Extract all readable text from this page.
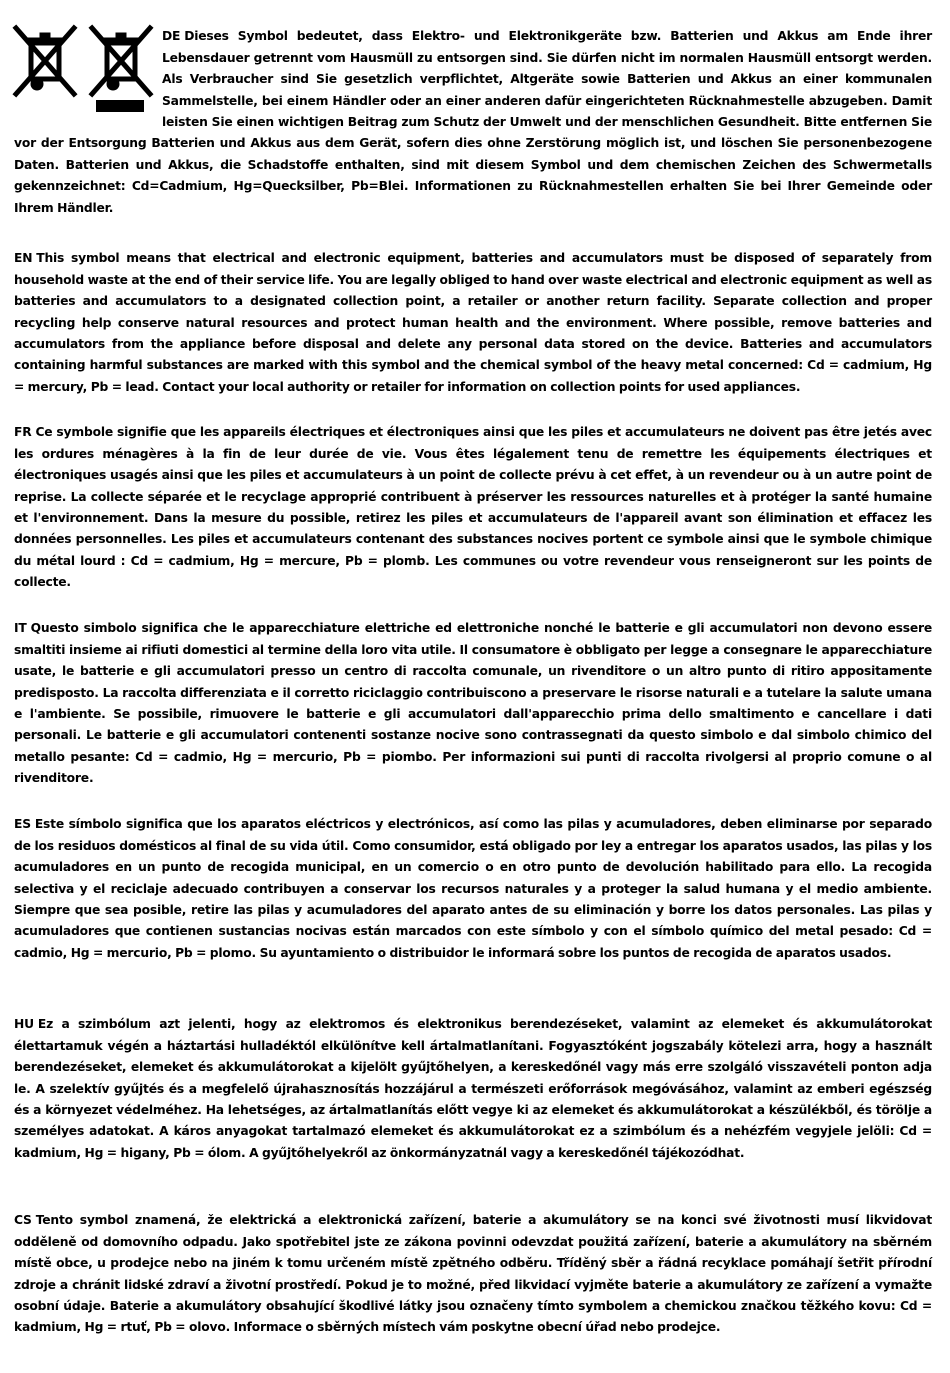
DE Dieses Symbol bedeutet, dass Elektro- und Elektronikgeräte bzw. Batterien und Akkus am Ende ihrer Lebensdauer getrennt vom Hausmüll zu entsorgen sind. Sie dürfen nicht im normalen Hausmüll entsorgt werden. Als Verbraucher sind Sie gesetzlich verpflichtet, Altgeräte sowie Batterien und Akkus an einer kommunalen Sammelstelle, bei einem Händler oder an einer anderen dafür eingerichteten Rücknahmestelle abzugeben. Damit leisten Sie einen wichtigen Beitrag zum Schutz der Umwelt und der menschlichen Gesundheit. Bitte entfernen Sie vor der Entsorgung Batterien und Akkus aus dem Gerät, sofern dies ohne Zerstörung möglich ist, und löschen Sie personenbezogene Daten. Batterien und Akkus, die Schadstoffe enthalten, sind mit diesem Symbol und dem chemischen Zeichen des Schwermetalls gekennzeichnet: Cd=Cadmium, Hg=Quecksilber, Pb=Blei. Informationen zu Rücknahmestellen erhalten Sie bei Ihrer Gemeinde oder Ihrem Händler.

EN This symbol means that electrical and electronic equipment, batteries and accumulators must be disposed of separately from household waste at the end of their service life. You are legally obliged to hand over waste electrical and electronic equipment as well as batteries and accumulators to a designated collection point, a retailer or another return facility. Separate collection and proper recycling help conserve natural resources and protect human health and the environment. Where possible, remove batteries and accumulators from the appliance before disposal and delete any personal data stored on the device. Batteries and accumulators containing harmful substances are marked with this symbol and the chemical symbol of the heavy metal concerned: Cd = cadmium, Hg = mercury, Pb = lead. Contact your local authority or retailer for information on collection points for used appliances.

FR Ce symbole signifie que les appareils électriques et électroniques ainsi que les piles et accumulateurs ne doivent pas être jetés avec les ordures ménagères à la fin de leur durée de vie. Vous êtes légalement tenu de remettre les équipements électriques et électroniques usagés ainsi que les piles et accumulateurs à un point de collecte prévu à cet effet, à un revendeur ou à un autre point de reprise. La collecte séparée et le recyclage approprié contribuent à préserver les ressources naturelles et à protéger la santé humaine et l'environnement. Dans la mesure du possible, retirez les piles et accumulateurs de l'appareil avant son élimination et effacez les données personnelles. Les piles et accumulateurs contenant des substances nocives portent ce symbole ainsi que le symbole chimique du métal lourd : Cd = cadmium, Hg = mercure, Pb = plomb. Les communes ou votre revendeur vous renseigneront sur les points de collecte.

IT Questo simbolo significa che le apparecchiature elettriche ed elettroniche nonché le batterie e gli accumulatori non devono essere smaltiti insieme ai rifiuti domestici al termine della loro vita utile. Il consumatore è obbligato per legge a consegnare le apparecchiature usate, le batterie e gli accumulatori presso un centro di raccolta comunale, un rivenditore o un altro punto di ritiro appositamente predisposto. La raccolta differenziata e il corretto riciclaggio contribuiscono a preservare le risorse naturali e a tutelare la salute umana e l'ambiente. Se possibile, rimuovere le batterie e gli accumulatori dall'apparecchio prima dello smaltimento e cancellare i dati personali. Le batterie e gli accumulatori contenenti sostanze nocive sono contrassegnati da questo simbolo e dal simbolo chimico del metallo pesante: Cd = cadmio, Hg = mercurio, Pb = piombo. Per informazioni sui punti di raccolta rivolgersi al proprio comune o al rivenditore.

ES Este símbolo significa que los aparatos eléctricos y electrónicos, así como las pilas y acumuladores, deben eliminarse por separado de los residuos domésticos al final de su vida útil. Como consumidor, está obligado por ley a entregar los aparatos usados, las pilas y los acumuladores en un punto de recogida municipal, en un comercio o en otro punto de devolución habilitado para ello. La recogida selectiva y el reciclaje adecuado contribuyen a conservar los recursos naturales y a proteger la salud humana y el medio ambiente. Siempre que sea posible, retire las pilas y acumuladores del aparato antes de su eliminación y borre los datos personales. Las pilas y acumuladores que contienen sustancias nocivas están marcados con este símbolo y con el símbolo químico del metal pesado: Cd = cadmio, Hg = mercurio, Pb = plomo. Su ayuntamiento o distribuidor le informará sobre los puntos de recogida de aparatos usados.

HU Ez a szimbólum azt jelenti, hogy az elektromos és elektronikus berendezéseket, valamint az elemeket és akkumulátorokat élettartamuk végén a háztartási hulladéktól elkülönítve kell ártalmatlanítani. Fogyasztóként jogszabály kötelezi arra, hogy a használt berendezéseket, elemeket és akkumulátorokat a kijelölt gyűjtőhelyen, a kereskedőnél vagy más erre szolgáló visszavételi ponton adja le. A szelektív gyűjtés és a megfelelő újrahasznosítás hozzájárul a természeti erőforrások megóvásához, valamint az emberi egészség és a környezet védelméhez. Ha lehetséges, az ártalmatlanítás előtt vegye ki az elemeket és akkumulátorokat a készülékből, és törölje a személyes adatokat. A káros anyagokat tartalmazó elemeket és akkumulátorokat ez a szimbólum és a nehézfém vegyjele jelöli: Cd = kadmium, Hg = higany, Pb = ólom. A gyűjtőhelyekről az önkormányzatnál vagy a kereskedőnél tájékozódhat.

CS Tento symbol znamená, že elektrická a elektronická zařízení, baterie a akumulátory se na konci své životnosti musí likvidovat odděleně od domovního odpadu. Jako spotřebitel jste ze zákona povinni odevzdat použitá zařízení, baterie a akumulátory na sběrném místě obce, u prodejce nebo na jiném k tomu určeném místě zpětného odběru. Tříděný sběr a řádná recyklace pomáhají šetřit přírodní zdroje a chránit lidské zdraví a životní prostředí. Pokud je to možné, před likvidací vyjměte baterie a akumulátory ze zařízení a vymažte osobní údaje. Baterie a akumulátory obsahující škodlivé látky jsou označeny tímto symbolem a chemickou značkou těžkého kovu: Cd = kadmium, Hg = rtuť, Pb = olovo. Informace o sběrných místech vám poskytne obecní úřad nebo prodejce.
